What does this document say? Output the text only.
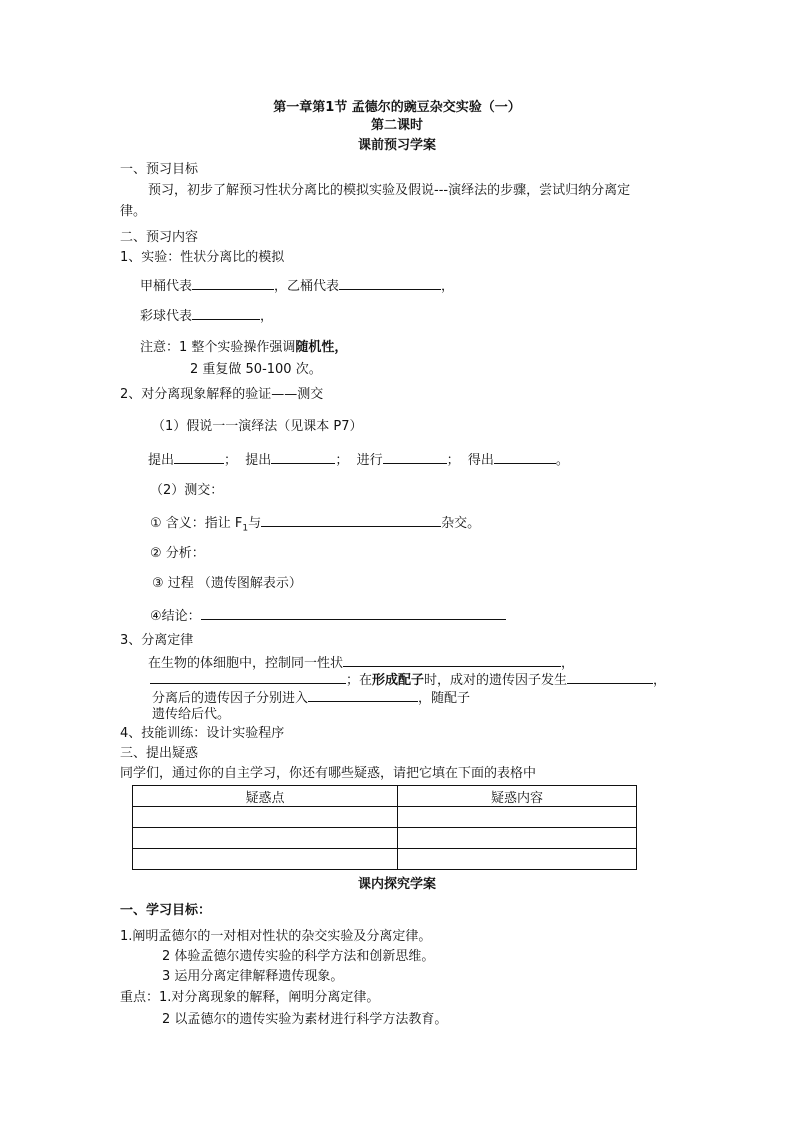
第一章第1节 孟德尔的豌豆杂交实验（一）
第二课时
课前预习学案
一、预习目标
预习，初步了解预习性状分离比的模拟实验及假说---演绎法的步骤，尝试归纳分离定
律。
二、预习内容
1、实验：性状分离比的模拟
甲桶代表	，乙桶代表	，
彩球代表	，
注意：1 整个实验操作强调随机性，
2 重复做 50-100 次。
2、对分离现象解释的验证——测交
（1）假说一一演绎法（见课本 P7）
提出	； 提出	； 进行	； 得出	。
（2）测交：
① 含义：指让 $F_1$与	杂交。
② 分析：
③ 过程 （遗传图解表示）
④结论：
3、分离定律
在生物的体细胞中，控制同一性状	，
；在形成配子时，成对的遗传因子发生	，
分离后的遗传因子分别进入	，随配子
遗传给后代。
4、技能训练：设计实验程序
三、提出疑惑
同学们，通过你的自主学习，你还有哪些疑惑，请把它填在下面的表格中
疑惑点	疑惑内容

课内探究学案
一、学习目标：
1.阐明孟德尔的一对相对性状的杂交实验及分离定律。
2 体验孟德尔遗传实验的科学方法和创新思维。
3 运用分离定律解释遗传现象。
重点：1.对分离现象的解释，阐明分离定律。
2 以孟德尔的遗传实验为素材进行科学方法教育。
